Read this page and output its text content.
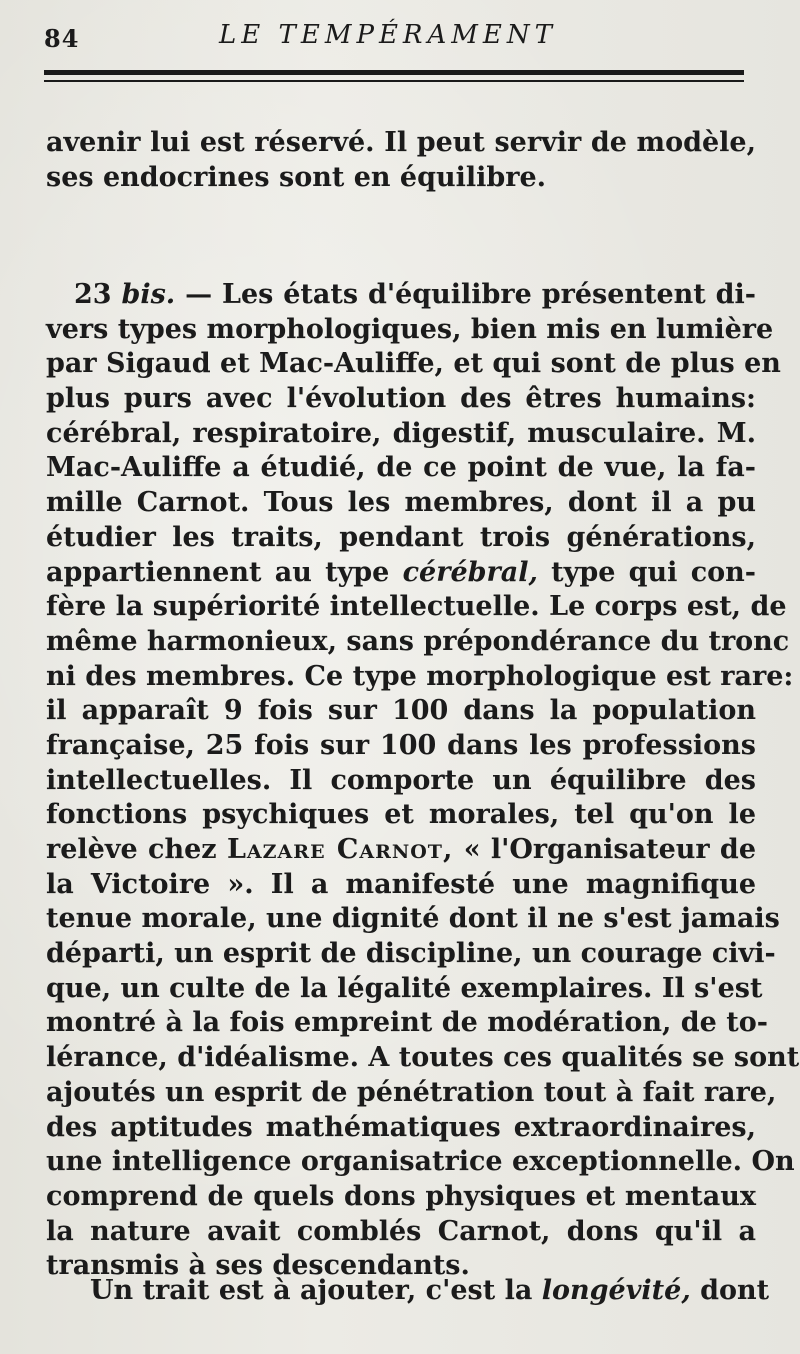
84	LE TEMPÉRAMENT
avenir lui est réservé. Il peut servir de modèle,
ses endocrines sont en équilibre.
23 bis. — Les états d'équilibre présentent di-
vers types morphologiques, bien mis en lumière
par Sigaud et Mac-Auliffe, et qui sont de plus en
plus purs avec l'évolution des êtres humains:
cérébral, respiratoire, digestif, musculaire. M.
Mac-Auliffe a étudié, de ce point de vue, la fa-
mille Carnot. Tous les membres, dont il a pu
étudier les traits, pendant trois générations,
appartiennent au type cérébral, type qui con-
fère la supériorité intellectuelle. Le corps est, de
même harmonieux, sans prépondérance du tronc
ni des membres. Ce type morphologique est rare:
il apparaît 9 fois sur 100 dans la population
française, 25 fois sur 100 dans les professions
intellectuelles. Il comporte un équilibre des
fonctions psychiques et morales, tel qu'on le
relève chez Lazare Carnot, « l'Organisateur de
la Victoire ». Il a manifesté une magnifique
tenue morale, une dignité dont il ne s'est jamais
départi, un esprit de discipline, un courage civi-
que, un culte de la légalité exemplaires. Il s'est
montré à la fois empreint de modération, de to-
lérance, d'idéalisme. A toutes ces qualités se sont
ajoutés un esprit de pénétration tout à fait rare,
des aptitudes mathématiques extraordinaires,
une intelligence organisatrice exceptionnelle. On
comprend de quels dons physiques et mentaux
la nature avait comblés Carnot, dons qu'il a
transmis à ses descendants.
Un trait est à ajouter, c'est la longévité, dont
